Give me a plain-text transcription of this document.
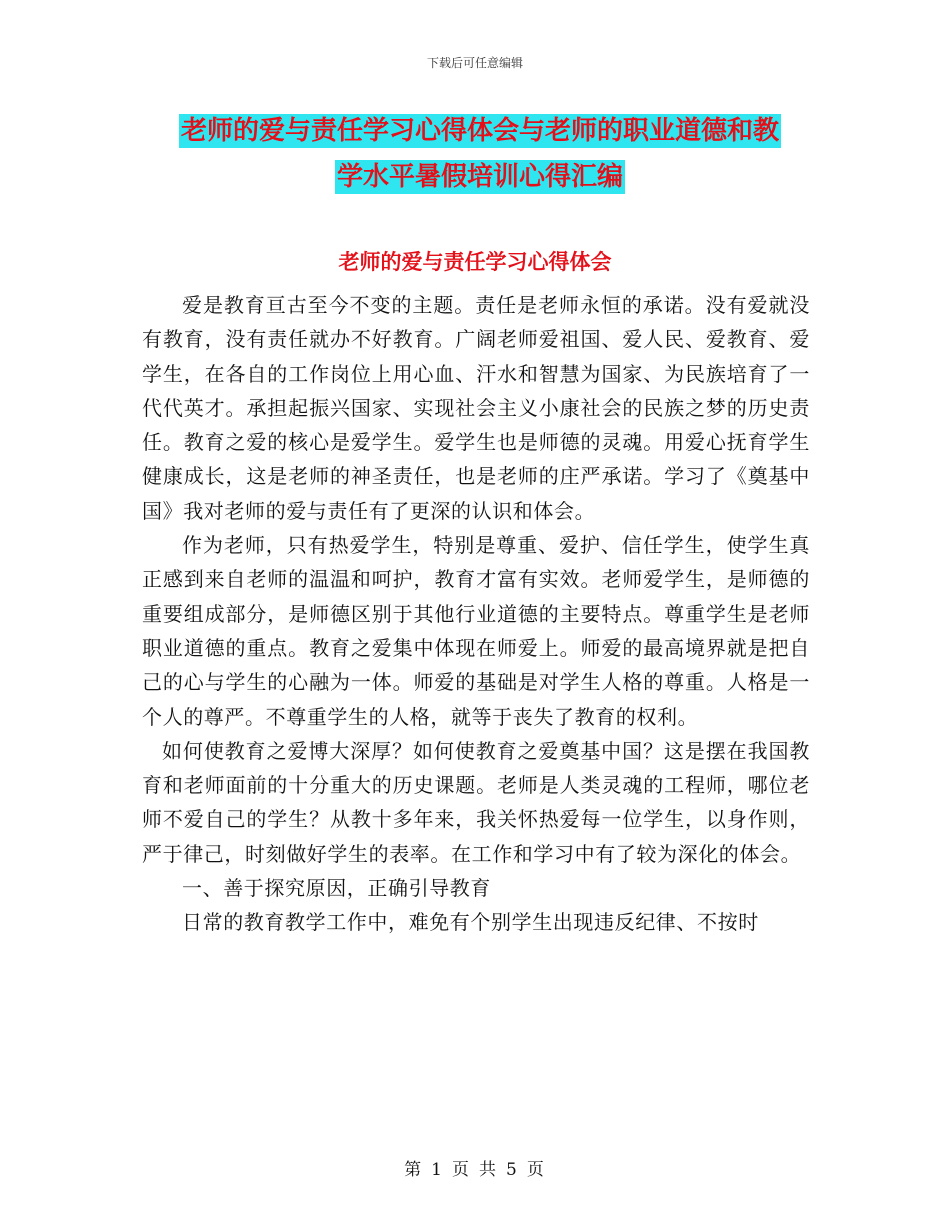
下载后可任意编辑
老师的爱与责任学习心得体会与老师的职业道德和教
学水平暑假培训心得汇编
老师的爱与责任学习心得体会

爱是教育亘古至今不变的主题。责任是老师永恒的承诺。没有爱就没有教育，没有责任就办不好教育。广阔老师爱祖国、爱人民、爱教育、爱学生，在各自的工作岗位上用心血、汗水和智慧为国家、为民族培育了一代代英才。承担起振兴国家、实现社会主义小康社会的民族之梦的历史责任。教育之爱的核心是爱学生。爱学生也是师德的灵魂。用爱心抚育学生健康成长，这是老师的神圣责任，也是老师的庄严承诺。学习了《奠基中国》我对老师的爱与责任有了更深的认识和体会。

作为老师，只有热爱学生，特别是尊重、爱护、信任学生，使学生真正感到来自老师的温温和呵护，教育才富有实效。老师爱学生，是师德的重要组成部分，是师德区别于其他行业道德的主要特点。尊重学生是老师职业道德的重点。教育之爱集中体现在师爱上。师爱的最高境界就是把自己的心与学生的心融为一体。师爱的基础是对学生人格的尊重。人格是一个人的尊严。不尊重学生的人格，就等于丧失了教育的权利。

如何使教育之爱博大深厚？如何使教育之爱奠基中国？这是摆在我国教育和老师面前的十分重大的历史课题。老师是人类灵魂的工程师，哪位老师不爱自己的学生？从教十多年来，我关怀热爱每一位学生，以身作则，严于律己，时刻做好学生的表率。在工作和学习中有了较为深化的体会。

一、善于探究原因，正确引导教育

日常的教育教学工作中，难免有个别学生出现违反纪律、不按时

第 1 页 共 5 页
